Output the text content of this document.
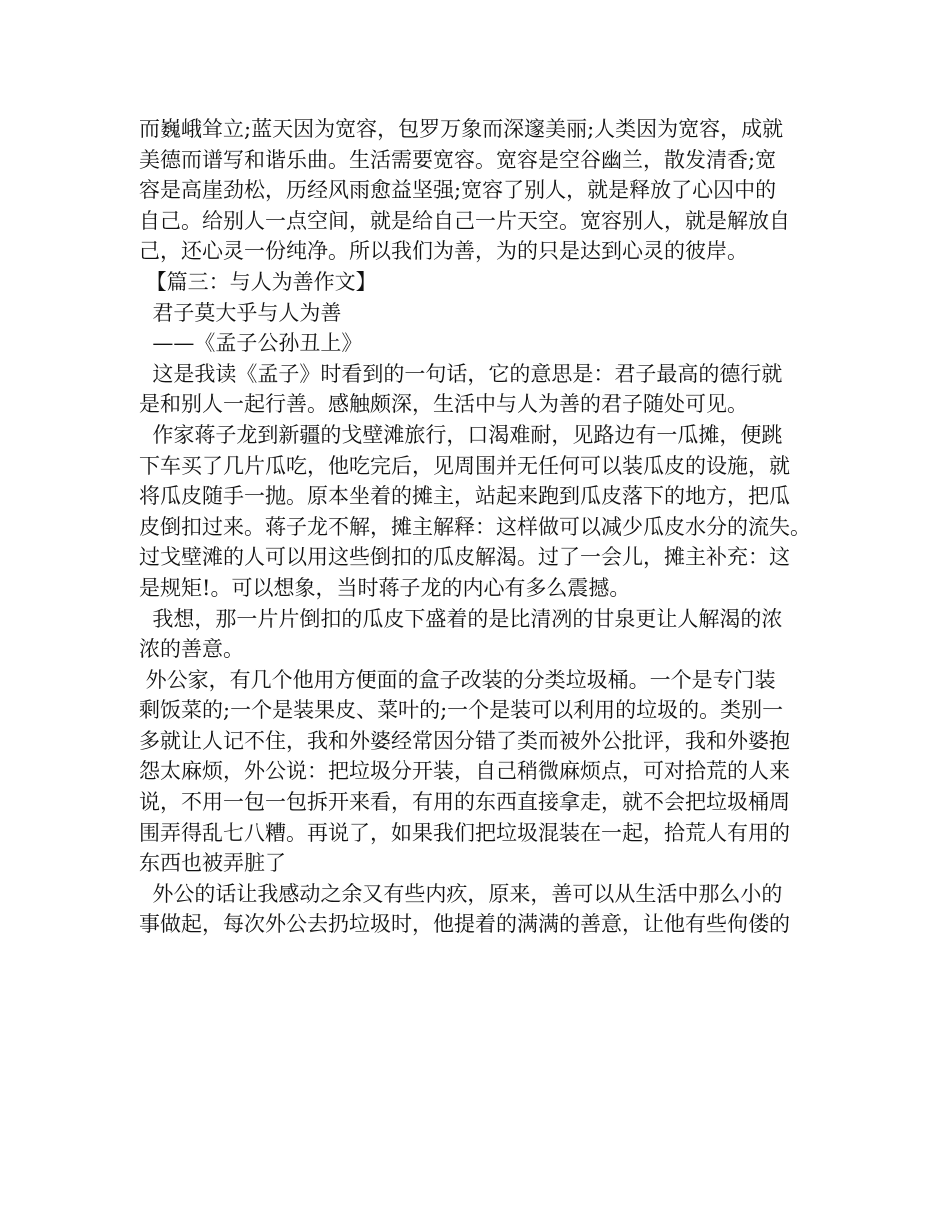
而巍峨耸立;蓝天因为宽容，包罗万象而深邃美丽;人类因为宽容，成就
美德而谱写和谐乐曲。生活需要宽容。宽容是空谷幽兰，散发清香;宽
容是高崖劲松，历经风雨愈益坚强;宽容了别人，就是释放了心囚中的
自己。给别人一点空间，就是给自己一片天空。宽容别人，就是解放自
己，还心灵一份纯净。所以我们为善，为的只是达到心灵的彼岸。
【篇三：与人为善作文】
君子莫大乎与人为善
——《孟子公孙丑上》
这是我读《孟子》时看到的一句话，它的意思是：君子最高的德行就
是和别人一起行善。感触颇深，生活中与人为善的君子随处可见。
作家蒋子龙到新疆的戈壁滩旅行，口渴难耐，见路边有一瓜摊，便跳
下车买了几片瓜吃，他吃完后，见周围并无任何可以装瓜皮的设施，就
将瓜皮随手一抛。原本坐着的摊主，站起来跑到瓜皮落下的地方，把瓜
皮倒扣过来。蒋子龙不解，摊主解释：这样做可以减少瓜皮水分的流失。
过戈壁滩的人可以用这些倒扣的瓜皮解渴。过了一会儿，摊主补充：这
是规矩!。可以想象，当时蒋子龙的内心有多么震撼。
我想，那一片片倒扣的瓜皮下盛着的是比清冽的甘泉更让人解渴的浓
浓的善意。
外公家，有几个他用方便面的盒子改装的分类垃圾桶。一个是专门装
剩饭菜的;一个是装果皮、菜叶的;一个是装可以利用的垃圾的。类别一
多就让人记不住，我和外婆经常因分错了类而被外公批评，我和外婆抱
怨太麻烦，外公说：把垃圾分开装，自己稍微麻烦点，可对拾荒的人来
说，不用一包一包拆开来看，有用的东西直接拿走，就不会把垃圾桶周
围弄得乱七八糟。再说了，如果我们把垃圾混装在一起，拾荒人有用的
东西也被弄脏了
外公的话让我感动之余又有些内疚，原来，善可以从生活中那么小的
事做起，每次外公去扔垃圾时，他提着的满满的善意，让他有些佝偻的
